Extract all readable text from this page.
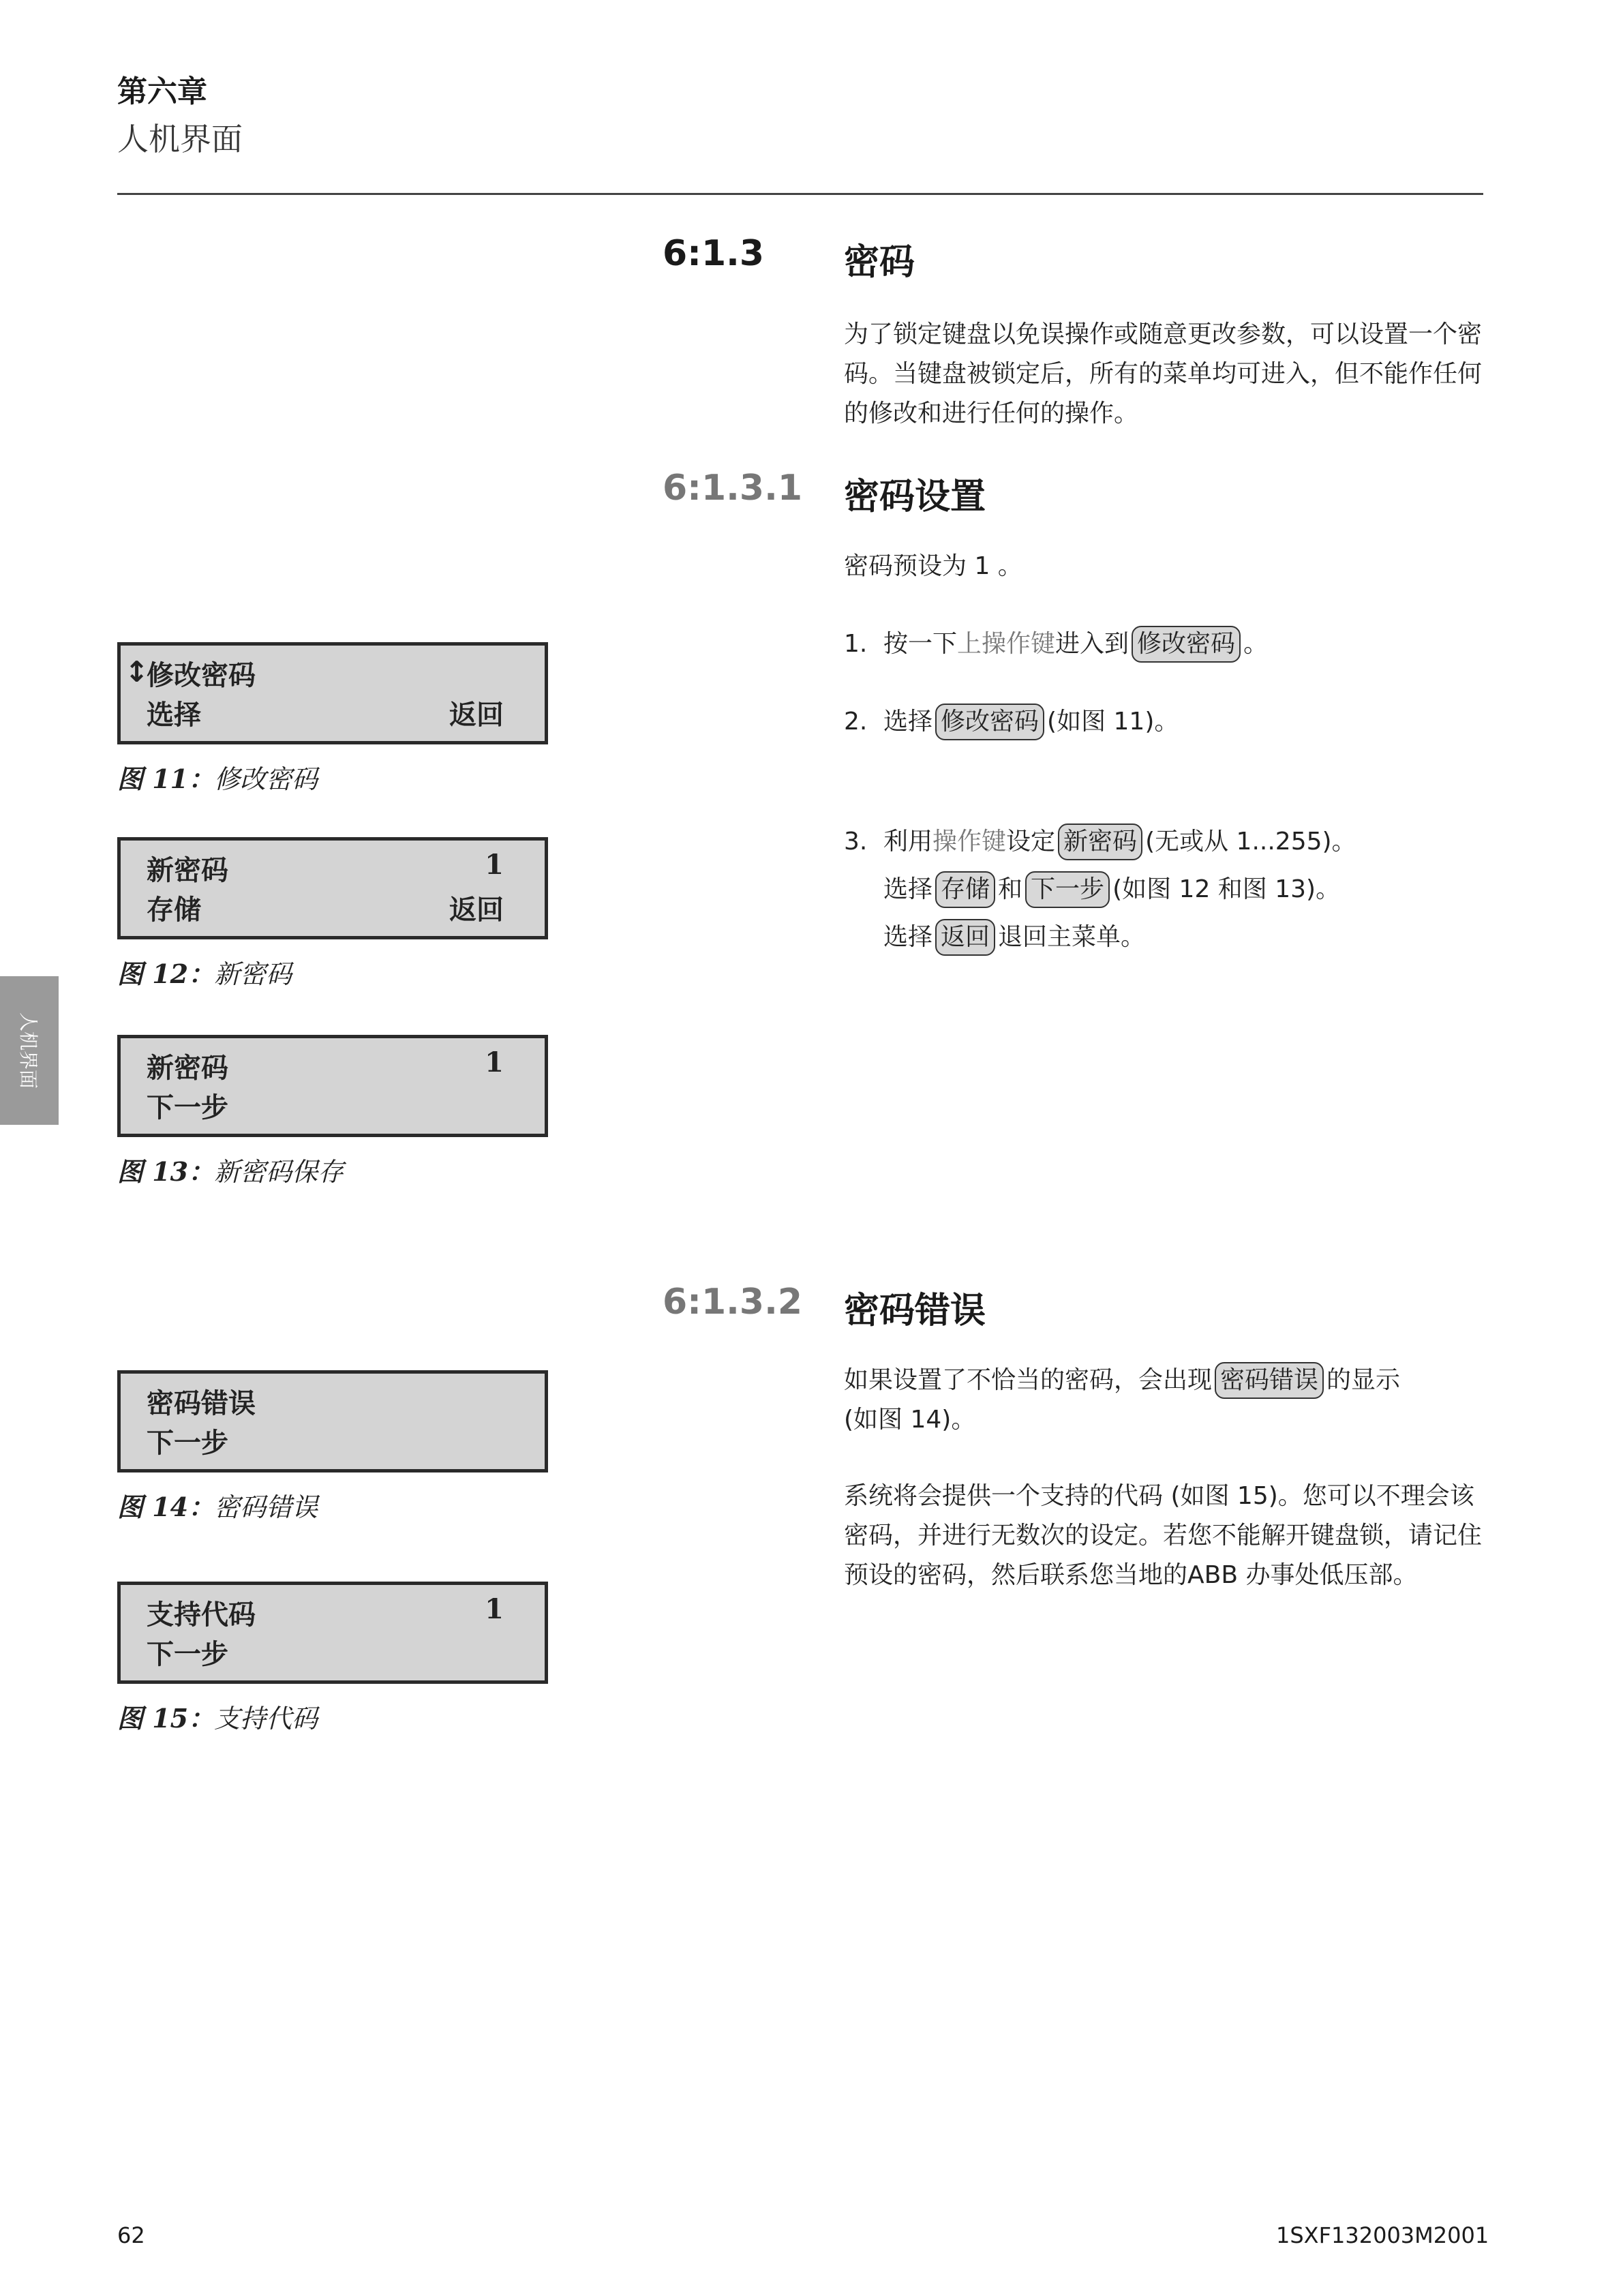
第六章
人机界面
人机界面
6:1.3 密码
为了锁定键盘以免误操作或随意更改参数，可以设置一个密码。当键盘被锁定后，所有的菜单均可进入，但不能作任何的修改和进行任何的操作。
6:1.3.1 密码设置
密码预设为 1 。
1. 按一下上操作键进入到 修改密码 。
2. 选择 修改密码 (如图 11)。
3. 利用操作键设定 新密码 (无或从 1...255)。
选择 存储 和 下一步 (如图 12 和图 13)。
选择 返回 退回主菜单。
6:1.3.2 密码错误
如果设置了不恰当的密码，会出现 密码错误 的显示
(如图 14)。
系统将会提供一个支持的代码 (如图 15)。您可以不理会该密码，并进行无数次的设定。若您不能解开键盘锁，请记住预设的密码，然后联系您当地的ABB 办事处低压部。
↕
修改密码
选择	返回
图 11：修改密码
新密码	1
存储	返回
图 12：新密码
新密码	1
下一步
图 13：新密码保存
密码错误
下一步
图 14：密码错误
支持代码	1
下一步
图 15：支持代码
62	1SXF132003M2001
